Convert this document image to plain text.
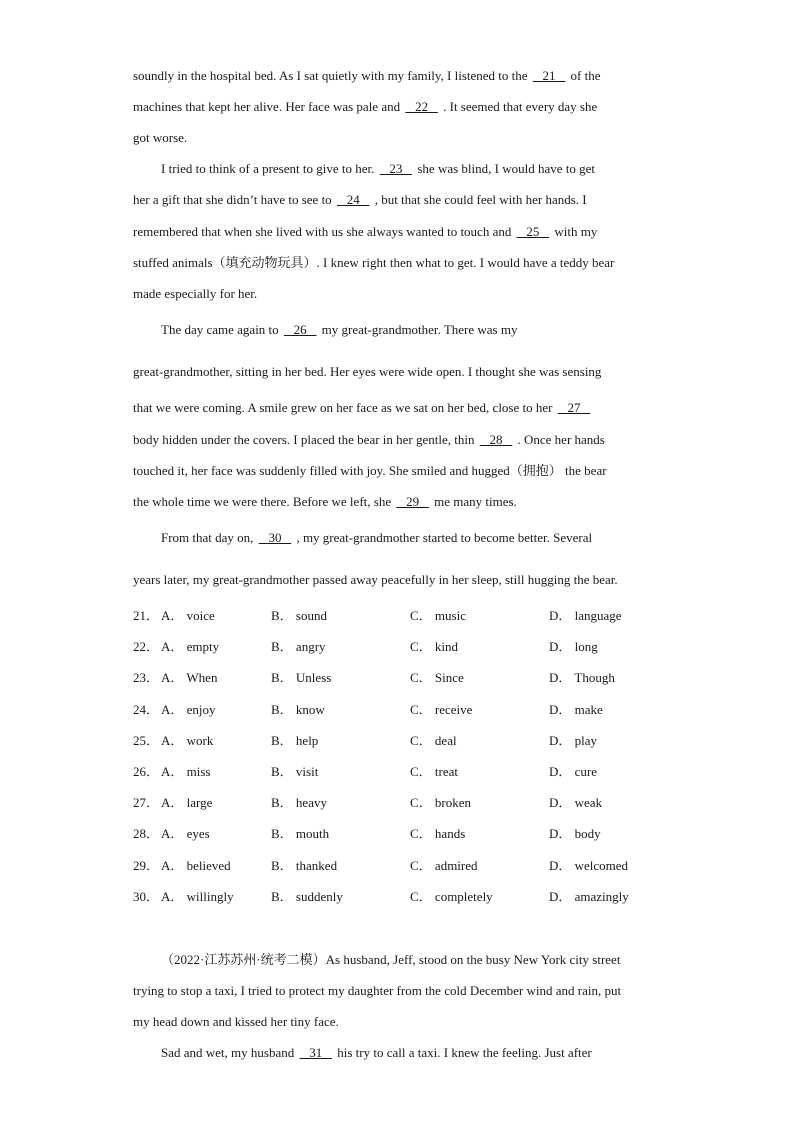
soundly in the hospital bed. As I sat quietly with my family, I listened to the    21    of the
machines that kept her alive. Her face was pale and    22    . It seemed that every day she
got worse.
I tried to think of a present to give to her.    23    she was blind, I would have to get
her a gift that she didn’t have to see to    24    , but that she could feel with her hands. I
remembered that when she lived with us she always wanted to touch and    25    with my
stuffed animals（填充动物玩具）. I knew right then what to get. I would have a teddy bear
made especially for her.
The day came again to    26    my great-grandmother. There was my
great-grandmother, sitting in her bed. Her eyes were wide open. I thought she was sensing
that we were coming. A smile grew on her face as we sat on her bed, close to her    27
body hidden under the covers. I placed the bear in her gentle, thin    28    . Once her hands
touched it, her face was suddenly filled with joy. She smiled and hugged（拥抱） the bear
the whole time we were there. Before we left, she    29    me many times.
From that day on,    30    , my great-grandmother started to become better. Several
years later, my great-grandmother passed away peacefully in her sleep, still hugging the bear.
21． A． voice	B． sound	C． music	D． language
22． A． empty	B． angry	C． kind	D． long
23． A． When	B． Unless	C． Since	D． Though
24． A． enjoy	B． know	C． receive	D． make
25． A． work	B． help	C． deal	D． play
26． A． miss	B． visit	C． treat	D． cure
27． A． large	B． heavy	C． broken	D． weak
28． A． eyes	B． mouth	C． hands	D． body
29． A． believed	B． thanked	C． admired	D． welcomed
30． A． willingly	B． suddenly	C． completely	D． amazingly
（2022·江苏苏州·统考二模）As husband, Jeff, stood on the busy New York city street
trying to stop a taxi, I tried to protect my daughter from the cold December wind and rain, put
my head down and kissed her tiny face.
Sad and wet, my husband    31    his try to call a taxi. I knew the feeling. Just after
